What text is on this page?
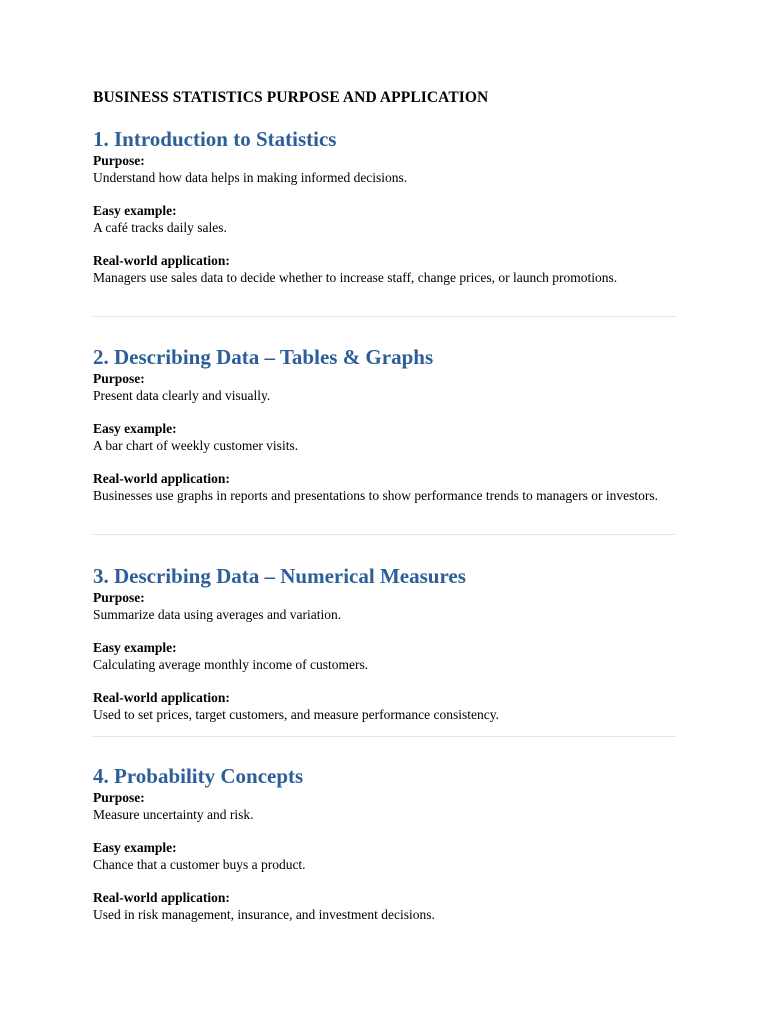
BUSINESS STATISTICS PURPOSE AND APPLICATION
1. Introduction to Statistics

Purpose:

Understand how data helps in making informed decisions.

Easy example:

A café tracks daily sales.

Real-world application:

Managers use sales data to decide whether to increase staff, change prices, or launch promotions.

2. Describing Data – Tables & Graphs

Purpose:

Present data clearly and visually.

Easy example:

A bar chart of weekly customer visits.

Real-world application:

Businesses use graphs in reports and presentations to show performance trends to managers or investors.

3. Describing Data – Numerical Measures

Purpose:

Summarize data using averages and variation.

Easy example:

Calculating average monthly income of customers.

Real-world application:

Used to set prices, target customers, and measure performance consistency.

4. Probability Concepts

Purpose:

Measure uncertainty and risk.

Easy example:

Chance that a customer buys a product.

Real-world application:

Used in risk management, insurance, and investment decisions.
